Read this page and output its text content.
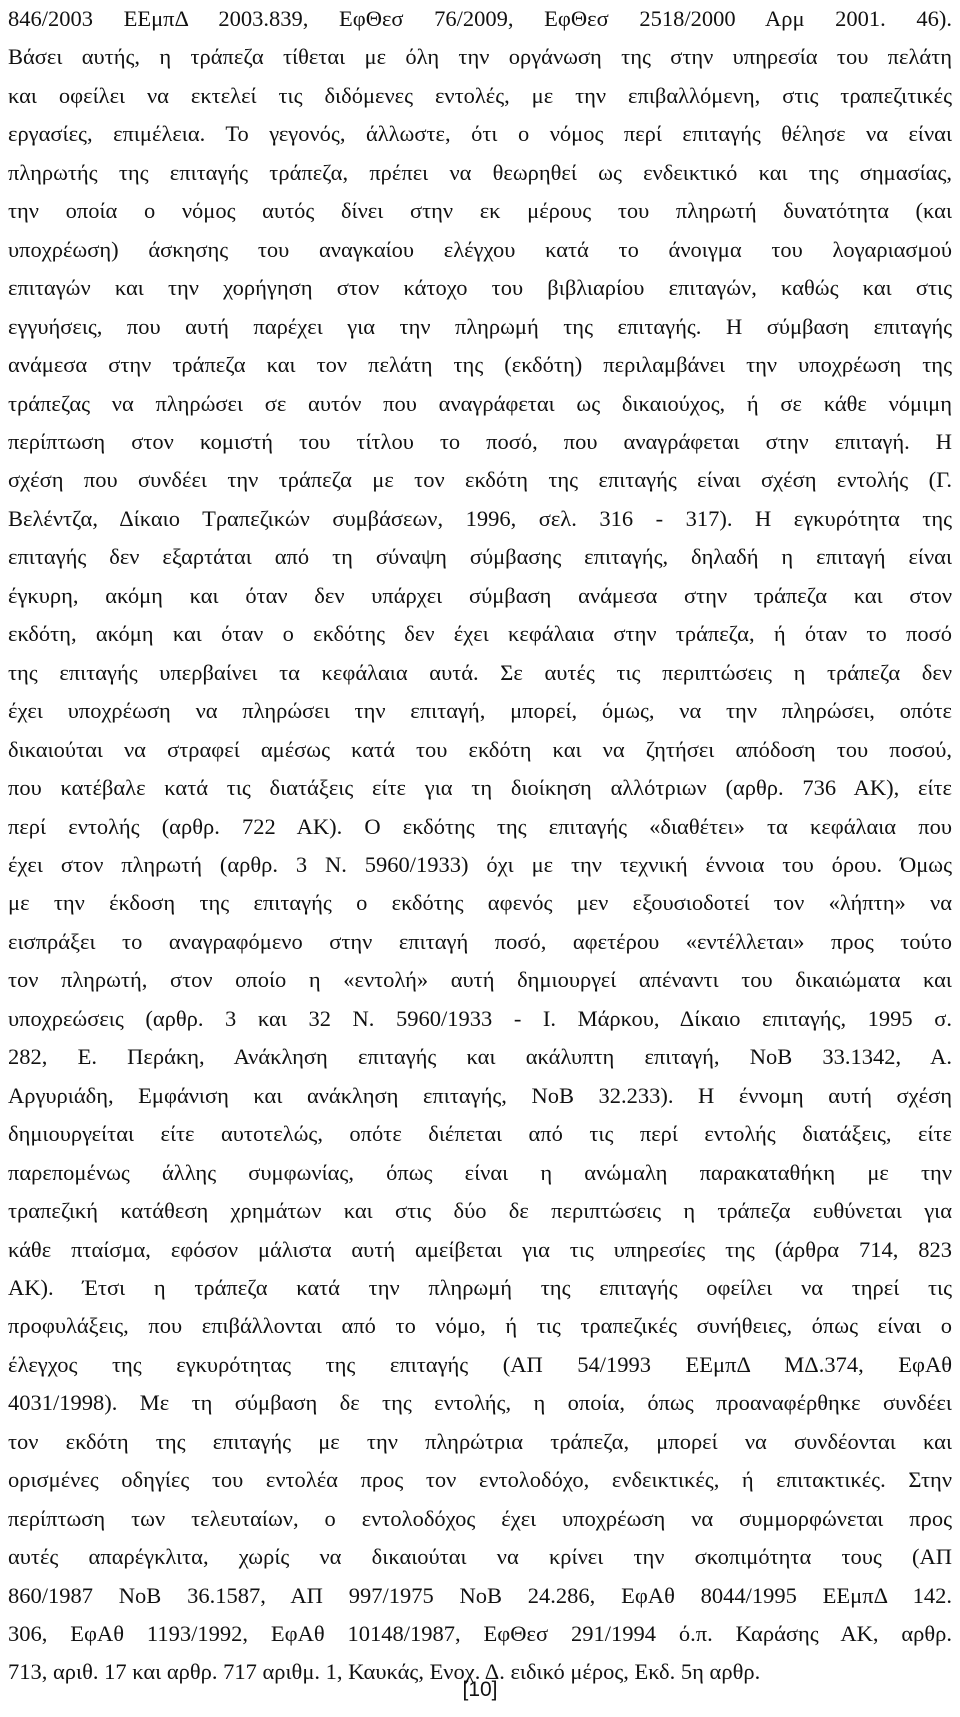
846/2003 ΕΕμπΔ 2003.839, ΕφΘεσ 76/2009, ΕφΘεσ 2518/2000 Αρμ 2001. 46).
Βάσει αυτής, η τράπεζα τίθεται με όλη την οργάνωση της στην υπηρεσία του πελάτη
και οφείλει να εκτελεί τις διδόμενες εντολές, με την επιβαλλόμενη, στις τραπεζιτικές
εργασίες, επιμέλεια. Το γεγονός, άλλωστε, ότι ο νόμος περί επιταγής θέλησε να είναι
πληρωτής της επιταγής τράπεζα, πρέπει να θεωρηθεί ως ενδεικτικό και της σημασίας,
την οποία ο νόμος αυτός δίνει στην εκ μέρους του πληρωτή δυνατότητα (και
υποχρέωση) άσκησης του αναγκαίου ελέγχου κατά το άνοιγμα του λογαριασμού
επιταγών και την χορήγηση στον κάτοχο του βιβλιαρίου επιταγών, καθώς και στις
εγγυήσεις, που αυτή παρέχει για την πληρωμή της επιταγής. Η σύμβαση επιταγής
ανάμεσα στην τράπεζα και τον πελάτη της (εκδότη) περιλαμβάνει την υποχρέωση της
τράπεζας να πληρώσει σε αυτόν που αναγράφεται ως δικαιούχος, ή σε κάθε νόμιμη
περίπτωση στον κομιστή του τίτλου το ποσό, που αναγράφεται στην επιταγή. Η
σχέση που συνδέει την τράπεζα με τον εκδότη της επιταγής είναι σχέση εντολής (Γ.
Βελέντζα, Δίκαιο Τραπεζικών συμβάσεων, 1996, σελ. 316 - 317). Η εγκυρότητα της
επιταγής δεν εξαρτάται από τη σύναψη σύμβασης επιταγής, δηλαδή η επιταγή είναι
έγκυρη, ακόμη και όταν δεν υπάρχει σύμβαση ανάμεσα στην τράπεζα και στον
εκδότη, ακόμη και όταν ο εκδότης δεν έχει κεφάλαια στην τράπεζα, ή όταν το ποσό
της επιταγής υπερβαίνει τα κεφάλαια αυτά. Σε αυτές τις περιπτώσεις η τράπεζα δεν
έχει υποχρέωση να πληρώσει την επιταγή, μπορεί, όμως, να την πληρώσει, οπότε
δικαιούται να στραφεί αμέσως κατά του εκδότη και να ζητήσει απόδοση του ποσού,
που κατέβαλε κατά τις διατάξεις είτε για τη διοίκηση αλλότριων (αρθρ. 736 ΑΚ), είτε
περί εντολής (αρθρ. 722 ΑΚ). Ο εκδότης της επιταγής «διαθέτει» τα κεφάλαια που
έχει στον πληρωτή (αρθρ. 3 Ν. 5960/1933) όχι με την τεχνική έννοια του όρου. Όμως
με την έκδοση της επιταγής ο εκδότης αφενός μεν εξουσιοδοτεί τον «λήπτη» να
εισπράξει το αναγραφόμενο στην επιταγή ποσό, αφετέρου «εντέλλεται» προς τούτο
τον πληρωτή, στον οποίο η «εντολή» αυτή δημιουργεί απέναντι του δικαιώματα και
υποχρεώσεις (αρθρ. 3 και 32 Ν. 5960/1933 - Ι. Μάρκου, Δίκαιο επιταγής, 1995 σ.
282, Ε. Περάκη, Ανάκληση επιταγής και ακάλυπτη επιταγή, ΝοΒ 33.1342, Α.
Αργυριάδη, Εμφάνιση και ανάκληση επιταγής, ΝοΒ 32.233). Η έννομη αυτή σχέση
δημιουργείται είτε αυτοτελώς, οπότε διέπεται από τις περί εντολής διατάξεις, είτε
παρεπομένως άλλης συμφωνίας, όπως είναι η ανώμαλη παρακαταθήκη με την
τραπεζική κατάθεση χρημάτων και στις δύο δε περιπτώσεις η τράπεζα ευθύνεται για
κάθε πταίσμα, εφόσον μάλιστα αυτή αμείβεται για τις υπηρεσίες της (άρθρα 714, 823
ΑΚ). Έτσι η τράπεζα κατά την πληρωμή της επιταγής οφείλει να τηρεί τις
προφυλάξεις, που επιβάλλονται από το νόμο, ή τις τραπεζικές συνήθειες, όπως είναι ο
έλεγχος της εγκυρότητας της επιταγής (ΑΠ 54/1993 ΕΕμπΔ ΜΔ.374, ΕφΑθ
4031/1998). Με τη σύμβαση δε της εντολής, η οποία, όπως προαναφέρθηκε συνδέει
τον εκδότη της επιταγής με την πληρώτρια τράπεζα, μπορεί να συνδέονται και
ορισμένες οδηγίες του εντολέα προς τον εντολοδόχο, ενδεικτικές, ή επιτακτικές. Στην
περίπτωση των τελευταίων, ο εντολοδόχος έχει υποχρέωση να συμμορφώνεται προς
αυτές απαρέγκλιτα, χωρίς να δικαιούται να κρίνει την σκοπιμότητα τους (ΑΠ
860/1987 ΝοΒ 36.1587, ΑΠ 997/1975 ΝοΒ 24.286, ΕφΑθ 8044/1995 ΕΕμπΔ 142.
306, ΕφΑθ 1193/1992, ΕφΑθ 10148/1987, ΕφΘεσ 291/1994 ό.π. Καράσης ΑΚ, αρθρ.
713, αριθ. 17 και αρθρ. 717 αριθμ. 1, Καυκάς, Ενοχ. Δ. ειδικό μέρος, Εκδ. 5η αρθρ.
[10]
